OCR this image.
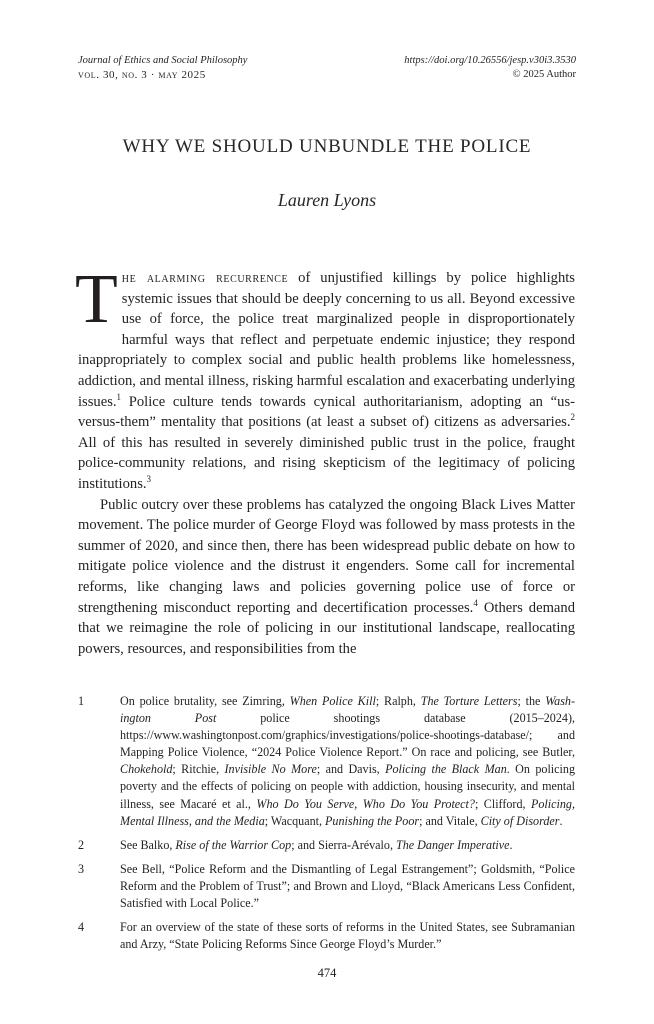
Journal of Ethics and Social Philosophy
vol. 30, no. 3 · may 2025
https://doi.org/10.26556/jesp.v30i3.3530
© 2025 Author
WHY WE SHOULD UNBUNDLE THE POLICE
Lauren Lyons

The alarming recurrence of unjustified killings by police highlights systemic issues that should be deeply concerning to us all. Beyond excessive use of force, the police treat marginalized people in disproportionately harmful ways that reflect and perpetuate endemic injustice; they respond inappropriately to complex social and public health problems like homelessness, addiction, and mental illness, risking harmful escalation and exacerbating underlying issues.$^1$ Police culture tends towards cynical authoritarianism, adopting an “us-versus-them” mentality that positions (at least a subset of) citizens as adversaries.$^2$ All of this has resulted in severely diminished public trust in the police, fraught police-community relations, and rising skepticism of the legitimacy of policing institutions.$^3$

Public outcry over these problems has catalyzed the ongoing Black Lives Matter movement. The police murder of George Floyd was followed by mass protests in the summer of 2020, and since then, there has been widespread public debate on how to mitigate police violence and the distrust it engenders. Some call for incremental reforms, like changing laws and policies governing police use of force or strengthening misconduct reporting and decertification processes.$^4$ Others demand that we reimagine the role of policing in our institutional landscape, reallocating powers, resources, and responsibilities from the

1	On police brutality, see Zimring, When Police Kill; Ralph, The Torture Letters; the Washington Post police shootings database (2015–2024), https://www.washingtonpost.com/graphics/investigations/police-shootings-database/; and Mapping Police Violence, “2024 Police Violence Report.” On race and policing, see Butler, Chokehold; Ritchie, Invisible No More; and Davis, Policing the Black Man. On policing poverty and the effects of policing on people with addiction, housing insecurity, and mental illness, see Macaré et al., Who Do You Serve, Who Do You Protect?; Clifford, Policing, Mental Illness, and the Media; Wacquant, Punishing the Poor; and Vitale, City of Disorder.
2	See Balko, Rise of the Warrior Cop; and Sierra-Arévalo, The Danger Imperative.
3	See Bell, “Police Reform and the Dismantling of Legal Estrangement”; Goldsmith, “Police Reform and the Problem of Trust”; and Brown and Lloyd, “Black Americans Less Confident, Satisfied with Local Police.”
4	For an overview of the state of these sorts of reforms in the United States, see Subramanian and Arzy, “State Policing Reforms Since George Floyd’s Murder.”
474
